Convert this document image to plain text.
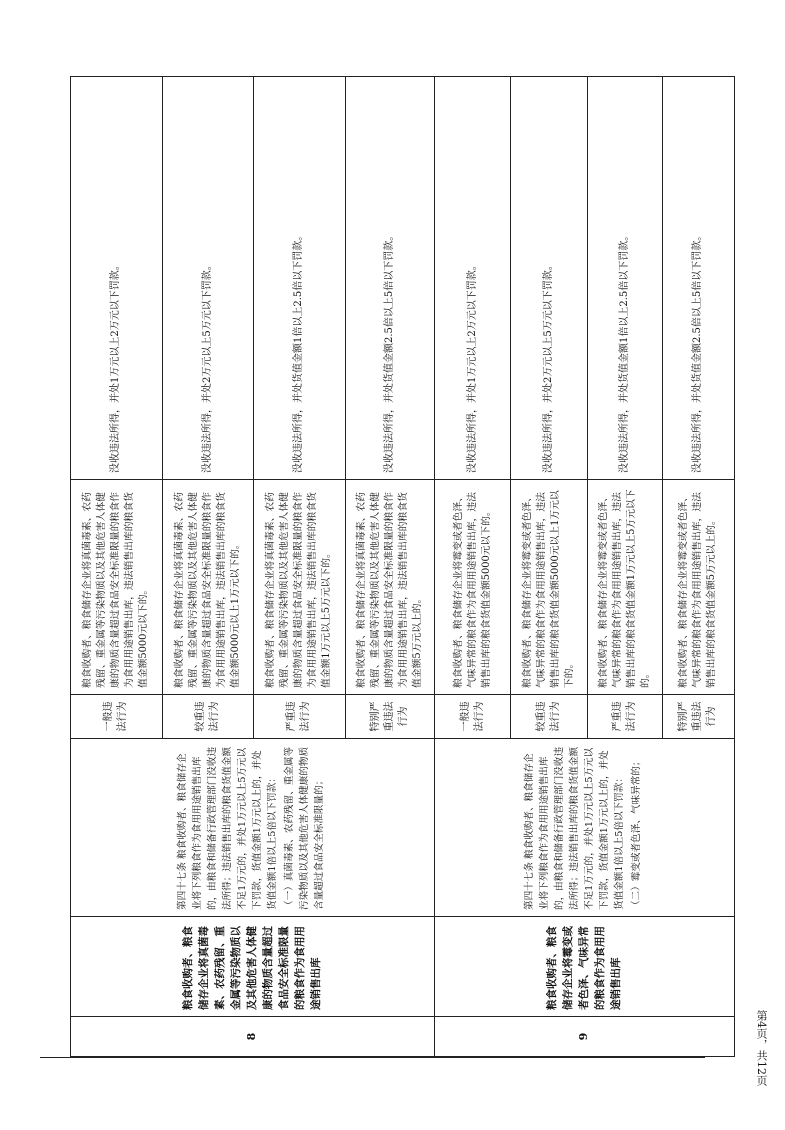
8	粮食收购者、粮食储存企业将真菌毒素、农药残留、重金属等污染物质以及其他危害人体健康的物质含量超过食品安全标准限量的粮食作为食用用途销售出库	第四十七条 粮食收购者、粮食储存企业将下列粮食作为食用用途销售出库的，由粮食和储备行政管理部门没收违法所得；违法销售出库的粮食货值金额不足1万元的，并处1万元以上5万元以下罚款，货值金额1万元以上的，并处货值金额1倍以上5倍以下罚款： （一）真菌毒素、农药残留、重金属等污染物质以及其他危害人体健康的物质含量超过食品安全标准限量的；	一般违法行为	粮食收购者、粮食储存企业将真菌毒素、农药残留、重金属等污染物质以及其他危害人体健康的物质含量超过食品安全标准限量的粮食作为食用用途销售出库，违法销售出库的粮食货值金额5000元以下的。	没收违法所得，并处1万元以上2万元以下罚款。
			较重违法行为	粮食收购者、粮食储存企业将真菌毒素、农药残留、重金属等污染物质以及其他危害人体健康的物质含量超过食品安全标准限量的粮食作为食用用途销售出库，违法销售出库的粮食货值金额5000元以上1万元以下的。	没收违法所得，并处2万元以上5万元以下罚款。
			严重违法行为	粮食收购者、粮食储存企业将真菌毒素、农药残留、重金属等污染物质以及其他危害人体健康的物质含量超过食品安全标准限量的粮食作为食用用途销售出库，违法销售出库的粮食货值金额1万元以上5万元以下的。	没收违法所得，并处货值金额1倍以上2.5倍以下罚款。
			特别严重违法行为	粮食收购者、粮食储存企业将真菌毒素、农药残留、重金属等污染物质以及其他危害人体健康的物质含量超过食品安全标准限量的粮食作为食用用途销售出库，违法销售出库的粮食货值金额5万元以上的。	没收违法所得，并处货值金额2.5倍以上5倍以下罚款。
9	粮食收购者、粮食储存企业将霉变或者色泽、气味异常的粮食作为食用用途销售出库	第四十七条 粮食收购者、粮食储存企业将下列粮食作为食用用途销售出库的，由粮食和储备行政管理部门没收违法所得；违法销售出库的粮食货值金额不足1万元的，并处1万元以上5万元以下罚款，货值金额1万元以上的，并处货值金额1倍以上5倍以下罚款： （二）霉变或者色泽、气味异常的；	一般违法行为	粮食收购者、粮食储存企业将霉变或者色泽、气味异常的粮食作为食用用途销售出库，违法销售出库的粮食货值金额5000元以下的。	没收违法所得，并处1万元以上2万元以下罚款。
			较重违法行为	粮食收购者、粮食储存企业将霉变或者色泽、气味异常的粮食作为食用用途销售出库，违法销售出库的粮食货值金额5000元以上1万元以下的。	没收违法所得，并处2万元以上5万元以下罚款。
			严重违法行为	粮食收购者、粮食储存企业将霉变或者色泽、气味异常的粮食作为食用用途销售出库，违法销售出库的粮食货值金额1万元以上5万元以下的。	没收违法所得，并处货值金额1倍以上2.5倍以下罚款。
			特别严重违法行为	粮食收购者、粮食储存企业将霉变或者色泽、气味异常的粮食作为食用用途销售出库，违法销售出库的粮食货值金额5万元以上的。	没收违法所得，并处货值金额2.5倍以上5倍以下罚款。
第4页，共12页
